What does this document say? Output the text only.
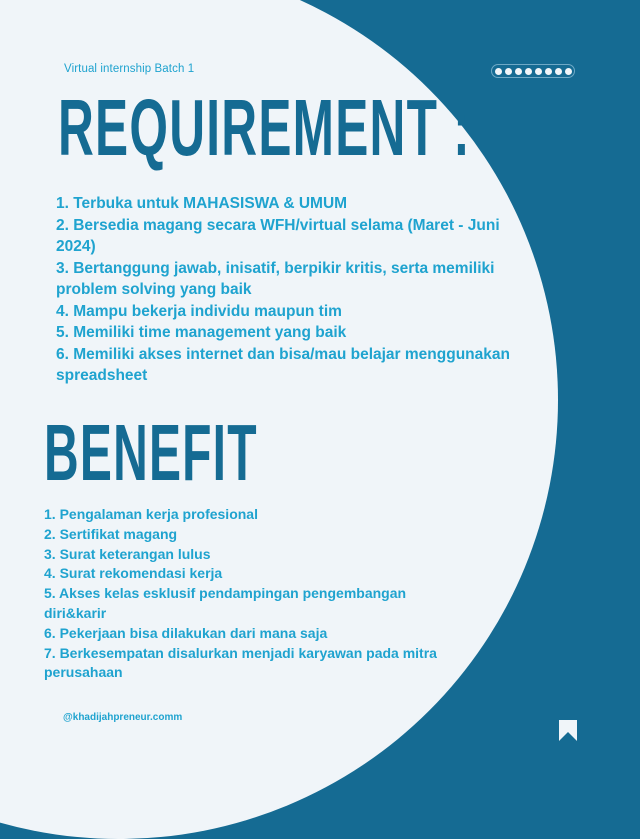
Virtual internship Batch 1
REQUIREMENT :
1. Terbuka untuk MAHASISWA & UMUM
2. Bersedia magang secara WFH/virtual selama (Maret - Juni 2024)
3. Bertanggung jawab, inisatif, berpikir kritis, serta memiliki problem solving yang baik
4. Mampu bekerja individu maupun tim
5. Memiliki time management yang baik
6. Memiliki akses internet dan bisa/mau belajar menggunakan spreadsheet
BENEFIT
1. Pengalaman kerja profesional
2. Sertifikat magang
3. Surat keterangan lulus
4. Surat rekomendasi kerja
5. Akses kelas esklusif pendampingan pengembangan diri&karir
6. Pekerjaan bisa dilakukan dari mana saja
7. Berkesempatan disalurkan menjadi karyawan pada mitra perusahaan
@khadijahpreneur.comm
